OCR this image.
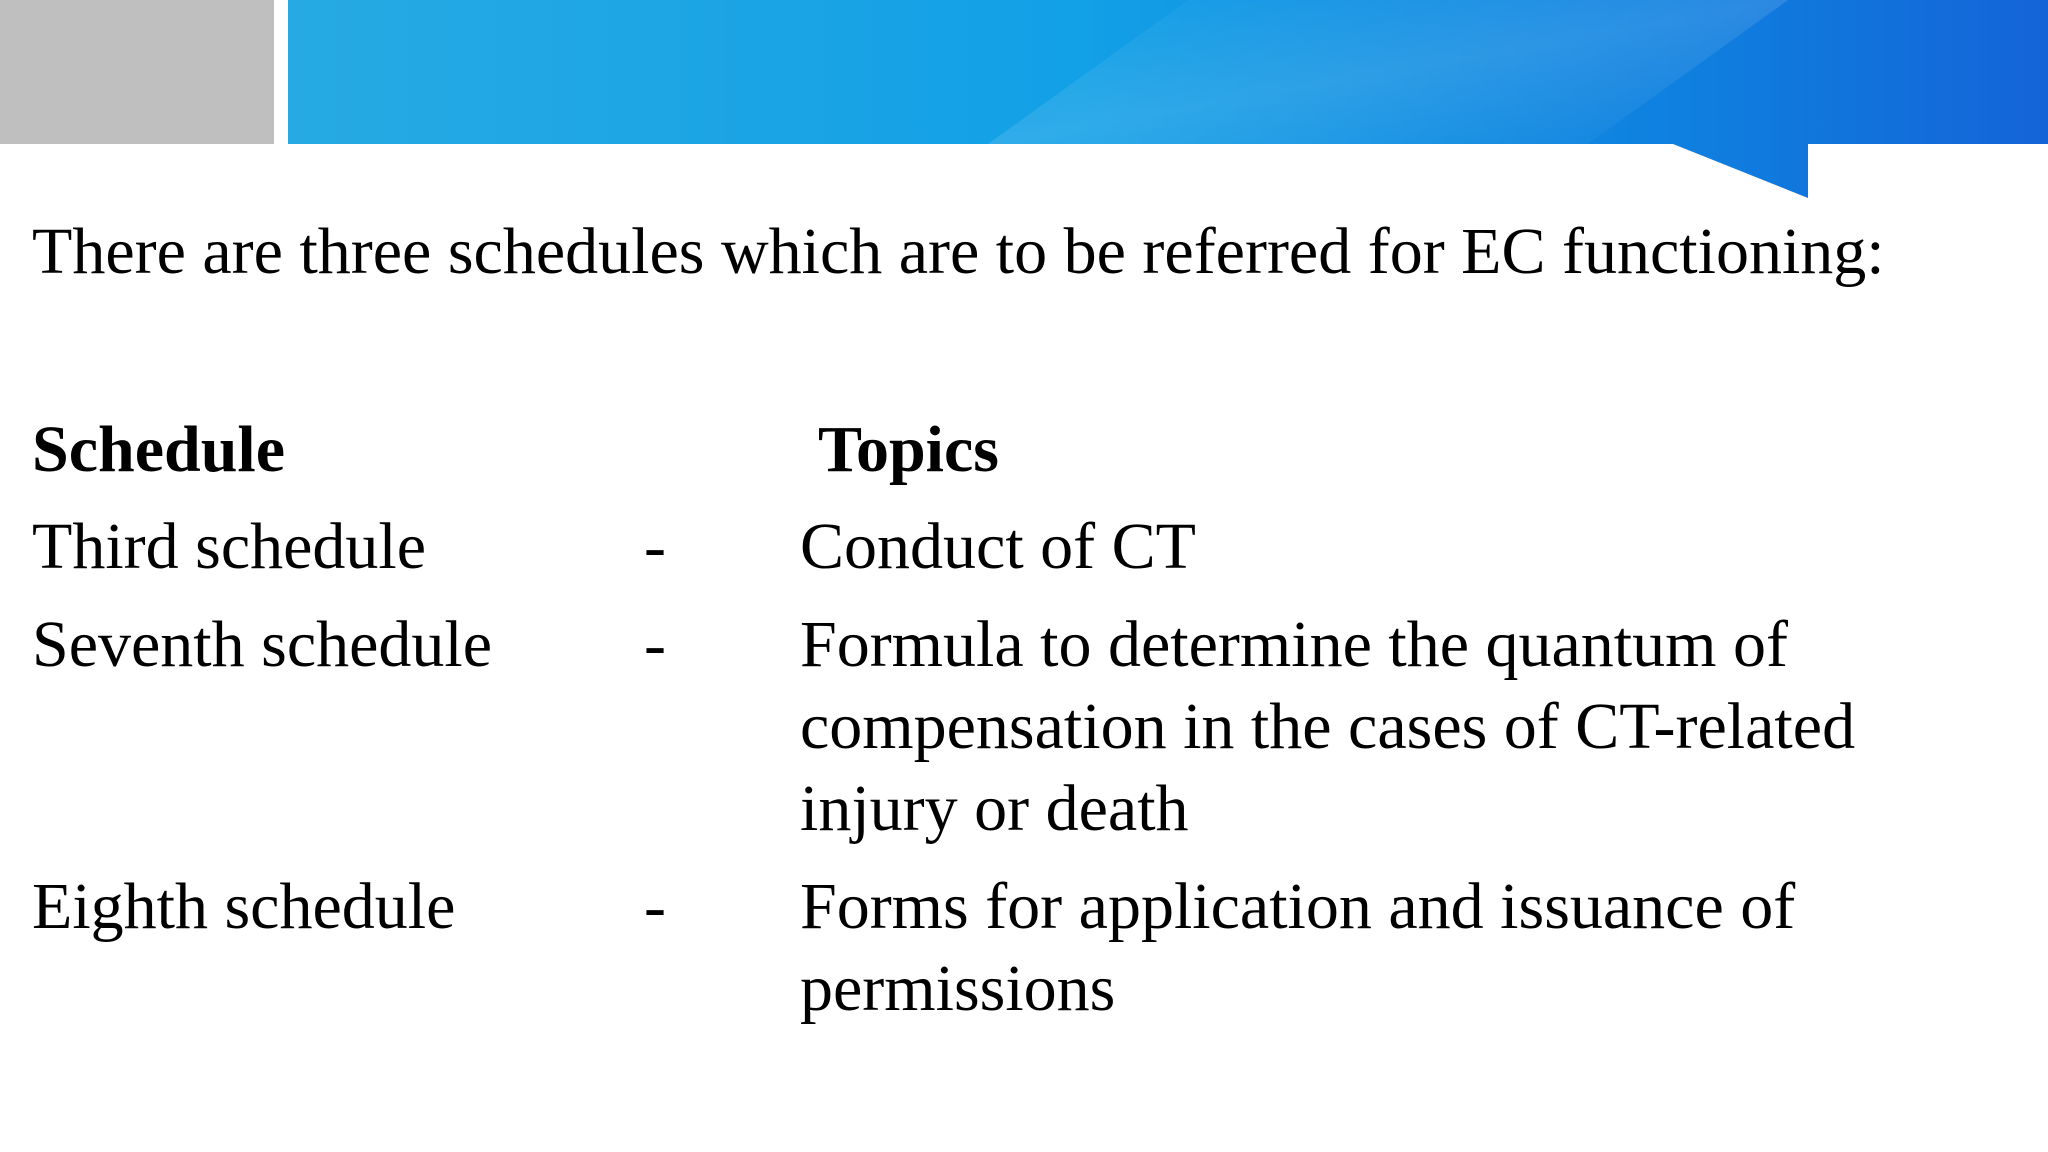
There are three schedules which are to be referred for EC functioning:
Schedule	Topics
Third schedule	- Conduct of CT
Seventh schedule - Formula to determine the quantum of compensation in the cases of CT-related injury or death
Eighth schedule	- Forms for application and issuance of permissions
